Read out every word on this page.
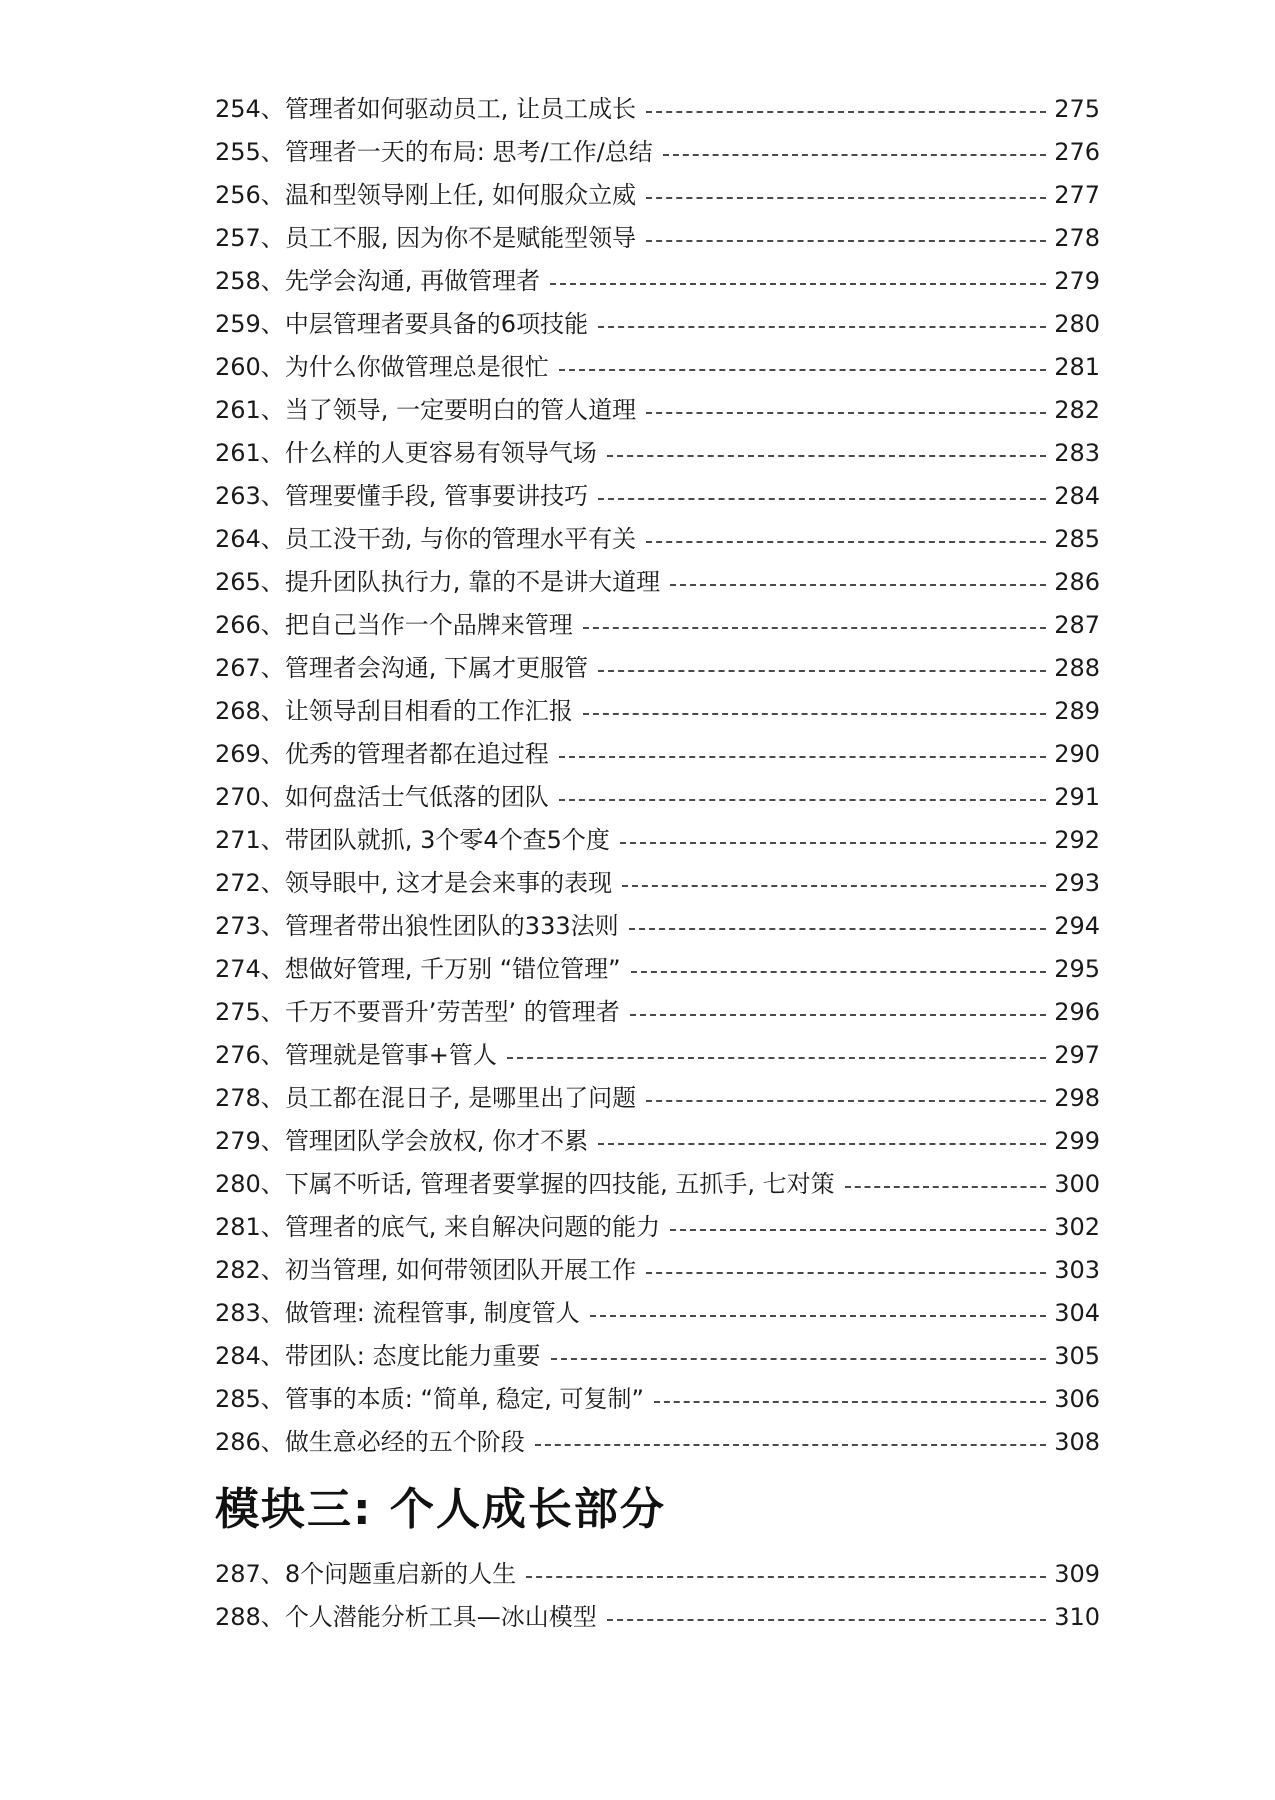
254、 管理者如何驱动员工, 让员工成长	275
255、 管理者一天的布局: 思考/工作/总结	276
256、 温和型领导刚上任, 如何服众立威	277
257、 员工不服, 因为你不是赋能型领导	278
258、 先学会沟通, 再做管理者	279
259、 中层管理者要具备的6项技能	280
260、 为什么你做管理总是很忙	281
261、 当了领导, 一定要明白的管人道理	282
261、 什么样的人更容易有领导气场	283
263、 管理要懂手段, 管事要讲技巧	284
264、 员工没干劲, 与你的管理水平有关	285
265、 提升团队执行力, 靠的不是讲大道理	286
266、 把自己当作一个品牌来管理	287
267、 管理者会沟通, 下属才更服管	288
268、 让领导刮目相看的工作汇报	289
269、 优秀的管理者都在追过程	290
270、 如何盘活士气低落的团队	291
271、 带团队就抓, 3个零4个查5个度	292
272、 领导眼中, 这才是会来事的表现	293
273、 管理者带出狼性团队的333法则	294
274、 想做好管理, 千万别 “错位管理”	295
275、 千万不要晋升’劳苦型’ 的管理者	296
276、 管理就是管事+管人	297
278、 员工都在混日子, 是哪里出了问题	298
279、 管理团队学会放权, 你才不累	299
280、 下属不听话, 管理者要掌握的四技能, 五抓手, 七对策	300
281、 管理者的底气, 来自解决问题的能力	302
282、 初当管理, 如何带领团队开展工作	303
283、 做管理: 流程管事, 制度管人	304
284、 带团队: 态度比能力重要	305
285、 管事的本质: “简单, 稳定, 可复制”	306
286、 做生意必经的五个阶段	308
模块三: 个人成长部分
287、 8个问题重启新的人生	309
288、 个人潜能分析工具—冰山模型	310
